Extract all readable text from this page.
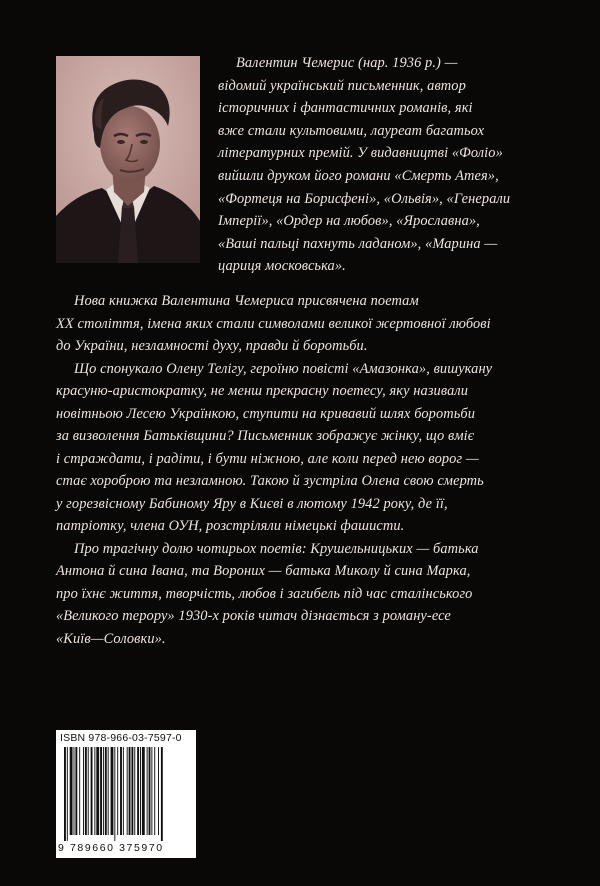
Валентин Чемерис (нар. 1936 р.) —
відомий український письменник, автор
історичних і фантастичних романів, які
вже стали культовими, лауреат багатьох
літературних премій. У видавництві «Фоліо»
вийшли друком його романи «Смерть Атея»,
«Фортеця на Борисфені», «Ольвія», «Генерали
Імперії», «Ордер на любов», «Ярославна»,
«Ваші пальці пахнуть ладаном», «Марина —
цариця московська».
Нова книжка Валентина Чемериса присвячена поетам
XX століття, імена яких стали символами великої жертовної любові
до України, незламності духу, правди й боротьби.
Що спонукало Олену Телігу, героїню повісті «Амазонка», вишукану
красуню-аристократку, не менш прекрасну поетесу, яку називали
новітньою Лесею Українкою, ступити на кривавий шлях боротьби
за визволення Батьківщини? Письменник зображує жінку, що вміє
і страждати, і радіти, і бути ніжною, але коли перед нею ворог —
стає хороброю та незламною. Такою й зустріла Олена свою смерть
у горезвісному Бабиному Яру в Києві в лютому 1942 року, де її,
патріотку, члена ОУН, розстріляли німецькі фашисти.
Про трагічну долю чотирьох поетів: Крушельницьких — батька
Антона й сина Івана, та Вороних — батька Миколу й сина Марка,
про їхнє життя, творчість, любов і загибель під час сталінського
«Великого терору» 1930-х років читач дізнається з роману-есе
«Київ—Соловки».
ISBN 978-966-03-7597-0
9 789660 375970
